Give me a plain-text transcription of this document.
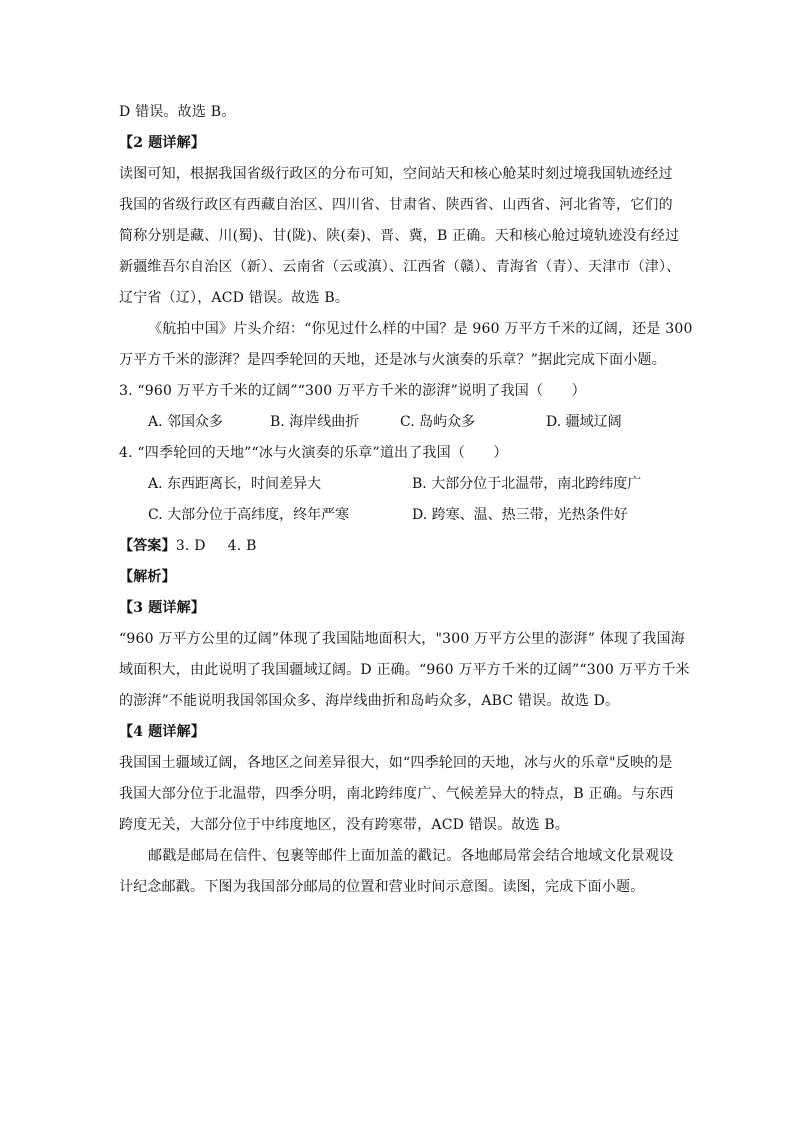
D 错误。故选 B。
【2 题详解】
读图可知，根据我国省级行政区的分布可知，空间站天和核心舱某时刻过境我国轨迹经过
我国的省级行政区有西藏自治区、四川省、甘肃省、陕西省、山西省、河北省等，它们的
简称分别是藏、川(蜀)、甘(陇)、陕(秦)、晋、冀，B 正确。天和核心舱过境轨迹没有经过
新疆维吾尔自治区（新）、云南省（云或滇）、江西省（赣）、青海省（青）、天津市（津）、
辽宁省（辽），ACD 错误。故选 B。
《航拍中国》片头介绍：“你见过什么样的中国？是 960 万平方千米的辽阔，还是 300
万平方千米的澎湃？是四季轮回的天地，还是冰与火演奏的乐章？”据此完成下面小题。
3. “960 万平方千米的辽阔”“300 万平方千米的澎湃”说明了我国（　　）
A. 邻国众多	B. 海岸线曲折	C. 岛屿众多	D. 疆域辽阔
4. “四季轮回的天地”“冰与火演奏的乐章”道出了我国（　　）
A. 东西距离长，时间差异大	B. 大部分位于北温带，南北跨纬度广
C. 大部分位于高纬度，终年严寒	D. 跨寒、温、热三带，光热条件好
【答案】3. D 4. B
【解析】
【3 题详解】
“960 万平方公里的辽阔”体现了我国陆地面积大，"300 万平方公里的澎湃” 体现了我国海
域面积大，由此说明了我国疆域辽阔。D 正确。“960 万平方千米的辽阔”“300 万平方千米
的澎湃”不能说明我国邻国众多、海岸线曲折和岛屿众多，ABC 错误。故选 D。
【4 题详解】
我国国土疆域辽阔，各地区之间差异很大，如“四季轮回的天地，冰与火的乐章"反映的是
我国大部分位于北温带，四季分明，南北跨纬度广、气候差异大的特点，B 正确。与东西
跨度无关，大部分位于中纬度地区，没有跨寒带，ACD 错误。故选 B。
邮戳是邮局在信件、包裹等邮件上面加盖的戳记。各地邮局常会结合地域文化景观设
计纪念邮戳。下图为我国部分邮局的位置和营业时间示意图。读图，完成下面小题。
